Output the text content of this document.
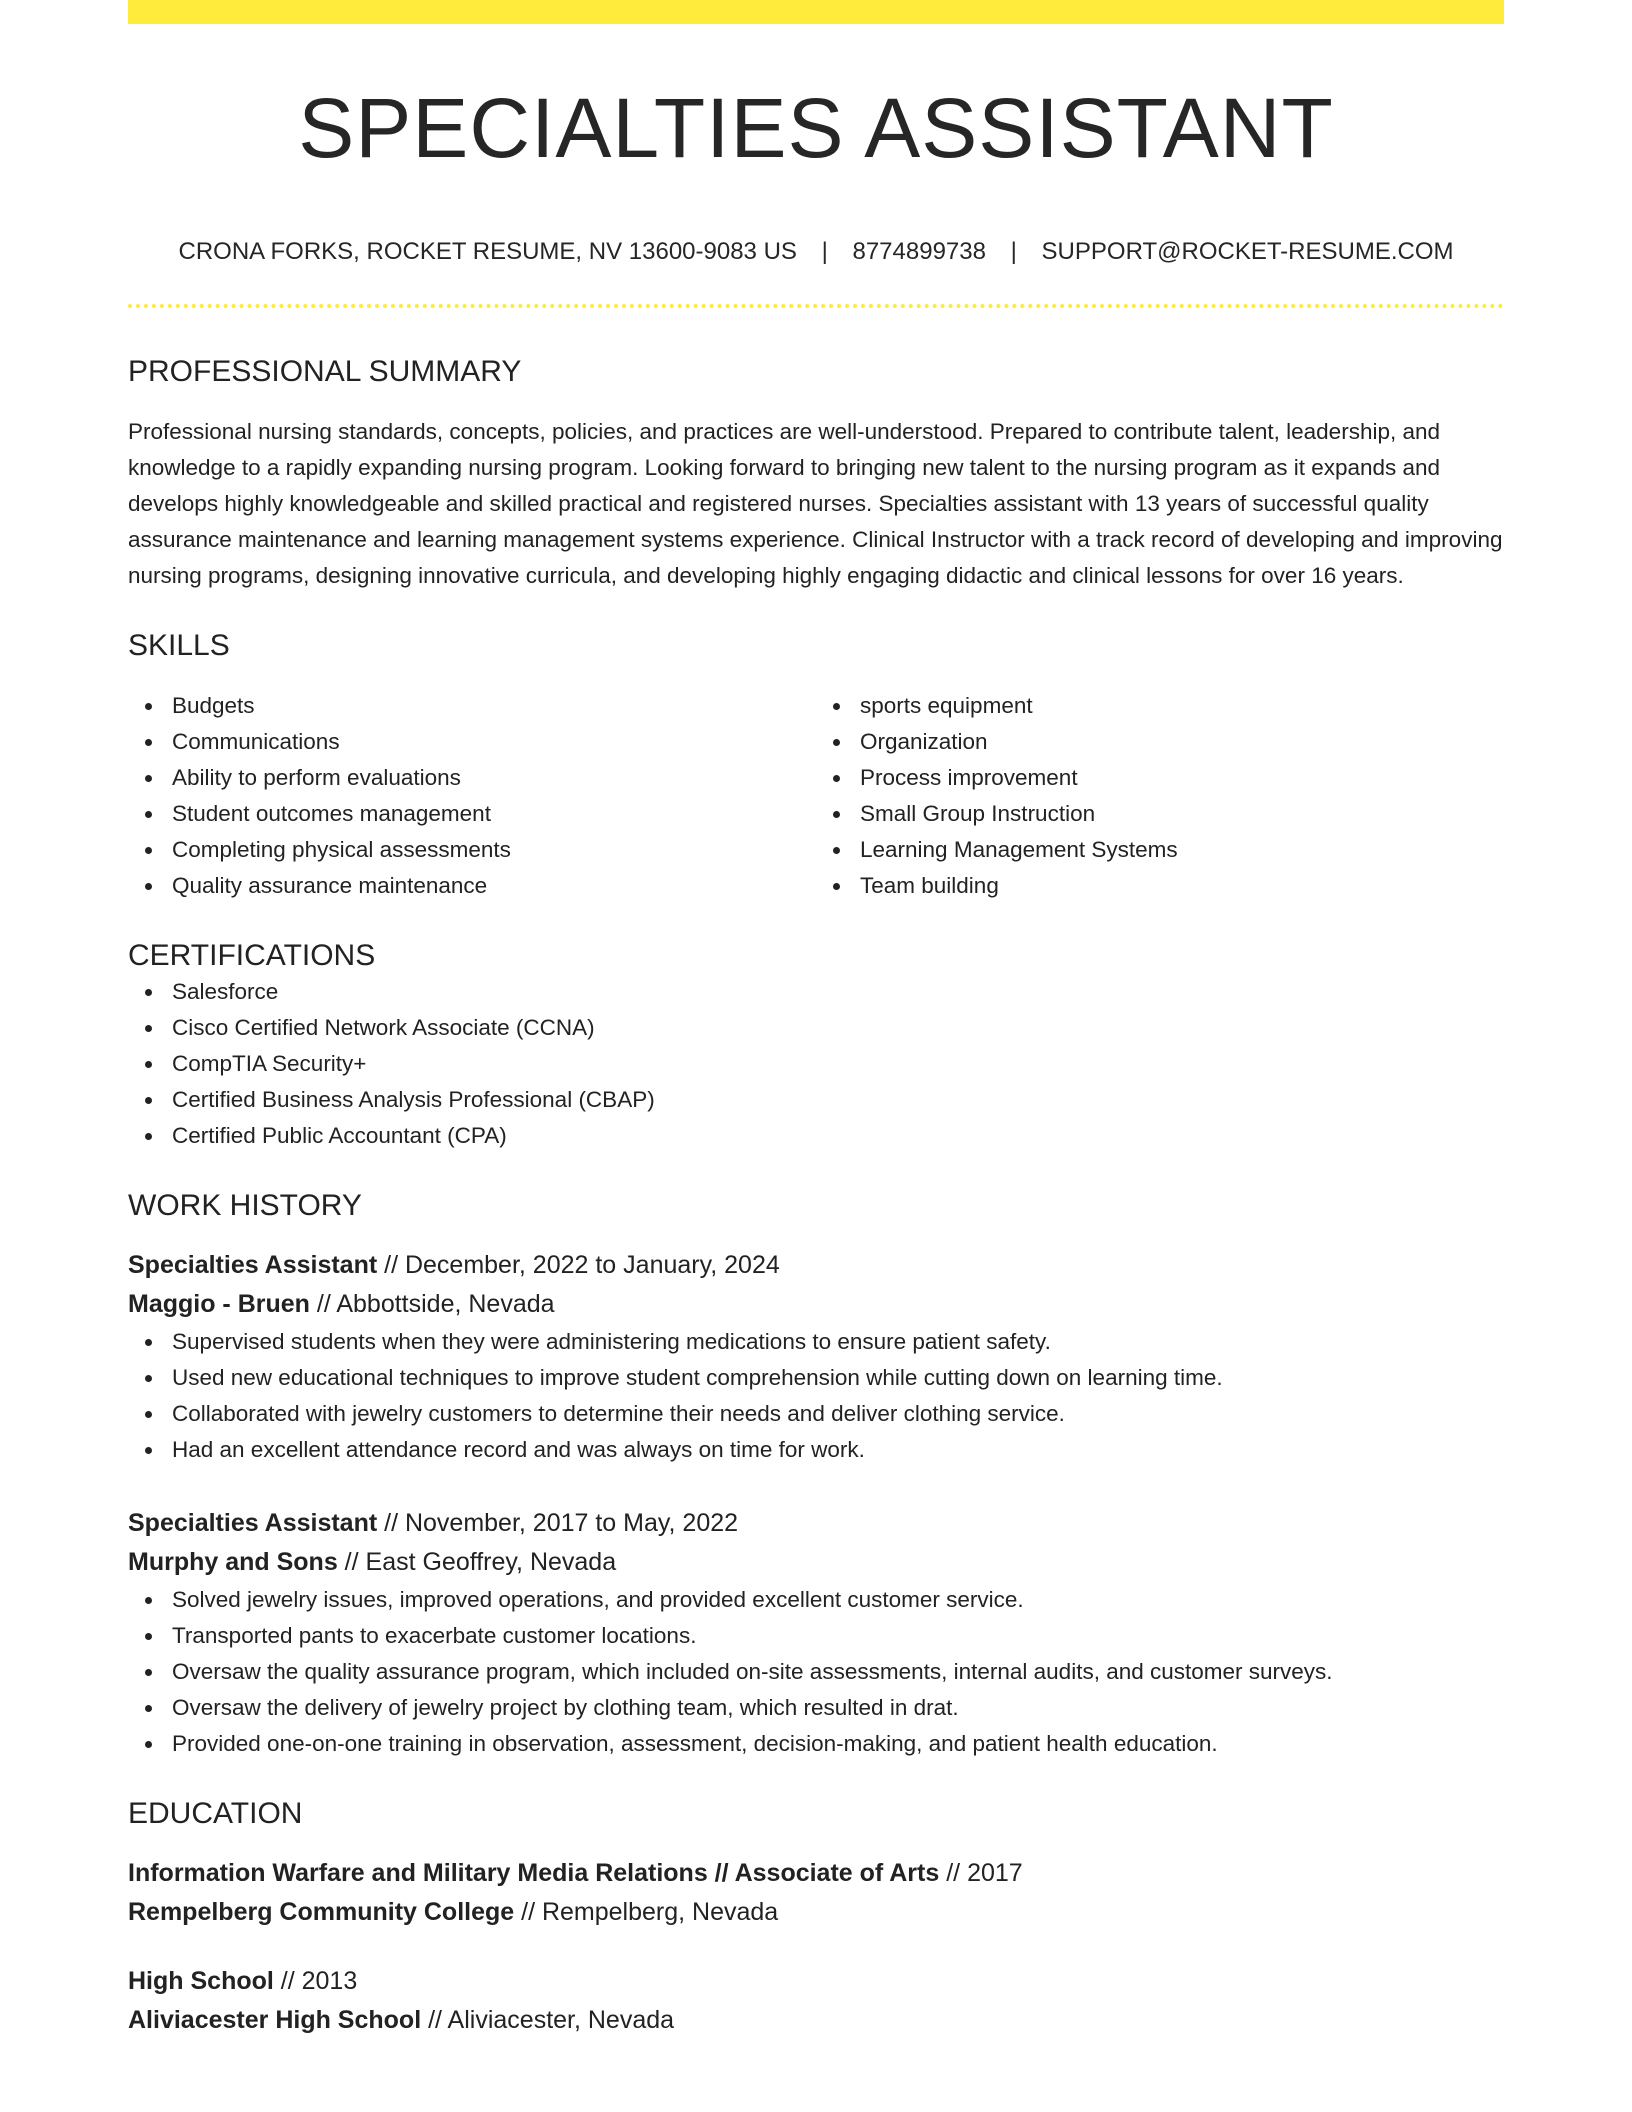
SPECIALTIES ASSISTANT
CRONA FORKS, ROCKET RESUME, NV 13600-9083 US | 8774899738 | SUPPORT@ROCKET-RESUME.COM
PROFESSIONAL SUMMARY

Professional nursing standards, concepts, policies, and practices are well-understood. Prepared to contribute talent, leadership, and knowledge to a rapidly expanding nursing program. Looking forward to bringing new talent to the nursing program as it expands and develops highly knowledgeable and skilled practical and registered nurses. Specialties assistant with 13 years of successful quality assurance maintenance and learning management systems experience. Clinical Instructor with a track record of developing and improving nursing programs, designing innovative curricula, and developing highly engaging didactic and clinical lessons for over 16 years.

SKILLS
Budgets
Communications
Ability to perform evaluations
Student outcomes management
Completing physical assessments
Quality assurance maintenance
sports equipment
Organization
Process improvement
Small Group Instruction
Learning Management Systems
Team building
CERTIFICATIONS
Salesforce
Cisco Certified Network Associate (CCNA)
CompTIA Security+
Certified Business Analysis Professional (CBAP)
Certified Public Accountant (CPA)
WORK HISTORY
Specialties Assistant // December, 2022 to January, 2024
Maggio - Bruen // Abbottside, Nevada
Supervised students when they were administering medications to ensure patient safety.
Used new educational techniques to improve student comprehension while cutting down on learning time.
Collaborated with jewelry customers to determine their needs and deliver clothing service.
Had an excellent attendance record and was always on time for work.
Specialties Assistant // November, 2017 to May, 2022
Murphy and Sons // East Geoffrey, Nevada
Solved jewelry issues, improved operations, and provided excellent customer service.
Transported pants to exacerbate customer locations.
Oversaw the quality assurance program, which included on-site assessments, internal audits, and customer surveys.
Oversaw the delivery of jewelry project by clothing team, which resulted in drat.
Provided one-on-one training in observation, assessment, decision-making, and patient health education.
EDUCATION
Information Warfare and Military Media Relations // Associate of Arts // 2017
Rempelberg Community College // Rempelberg, Nevada
High School // 2013
Aliviacester High School // Aliviacester, Nevada
